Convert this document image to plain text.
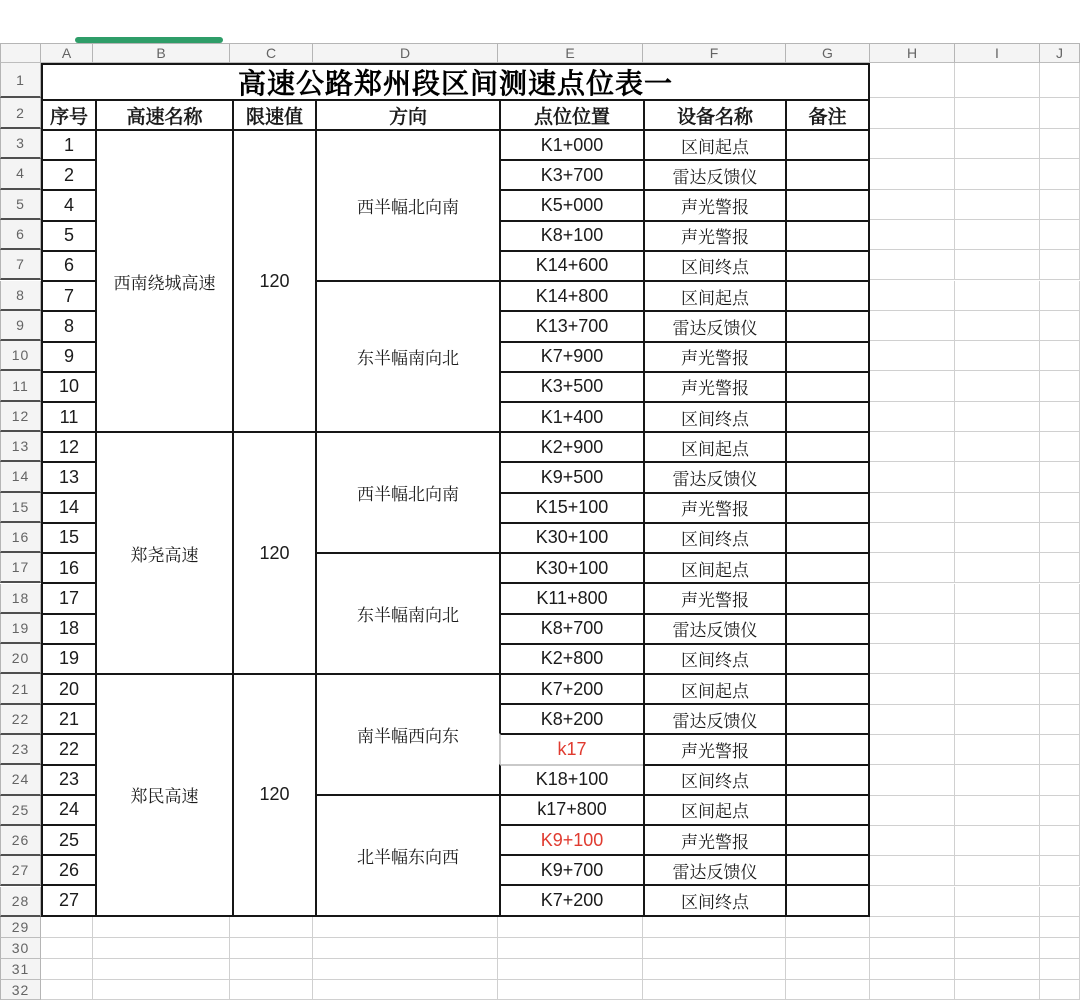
A	B	C	D	E	F	G	H	I	J
1
2
3
4
5
6
7
8
9
10
11
12
13
14
15
16
17
18
19
20
21
22
23
24
25
26
27
28
29
30
31
32
高速公路郑州段区间测速点位表一
序号	高速名称	限速值	方向	点位位置	设备名称	备注
西南绕城高速	120
西半幅北向南
1	K1+000	区间起点
2	K3+700	雷达反馈仪
4	K5+000	声光警报
5	K8+100	声光警报
6	K14+600	区间终点
东半幅南向北
7	K14+800	区间起点
8	K13+700	雷达反馈仪
9	K7+900	声光警报
10	K3+500	声光警报
11	K1+400	区间终点
郑尧高速	120
西半幅北向南
12	K2+900	区间起点
13	K9+500	雷达反馈仪
14	K15+100	声光警报
15	K30+100	区间终点
东半幅南向北
16	K30+100	区间起点
17	K11+800	声光警报
18	K8+700	雷达反馈仪
19	K2+800	区间终点
郑民高速	120
南半幅西向东
20	K7+200	区间起点
21	K8+200	雷达反馈仪
22	k17	声光警报
23	K18+100	区间终点
北半幅东向西
24	k17+800	区间起点
25	K9+100	声光警报
26	K9+700	雷达反馈仪
27	K7+200	区间终点
